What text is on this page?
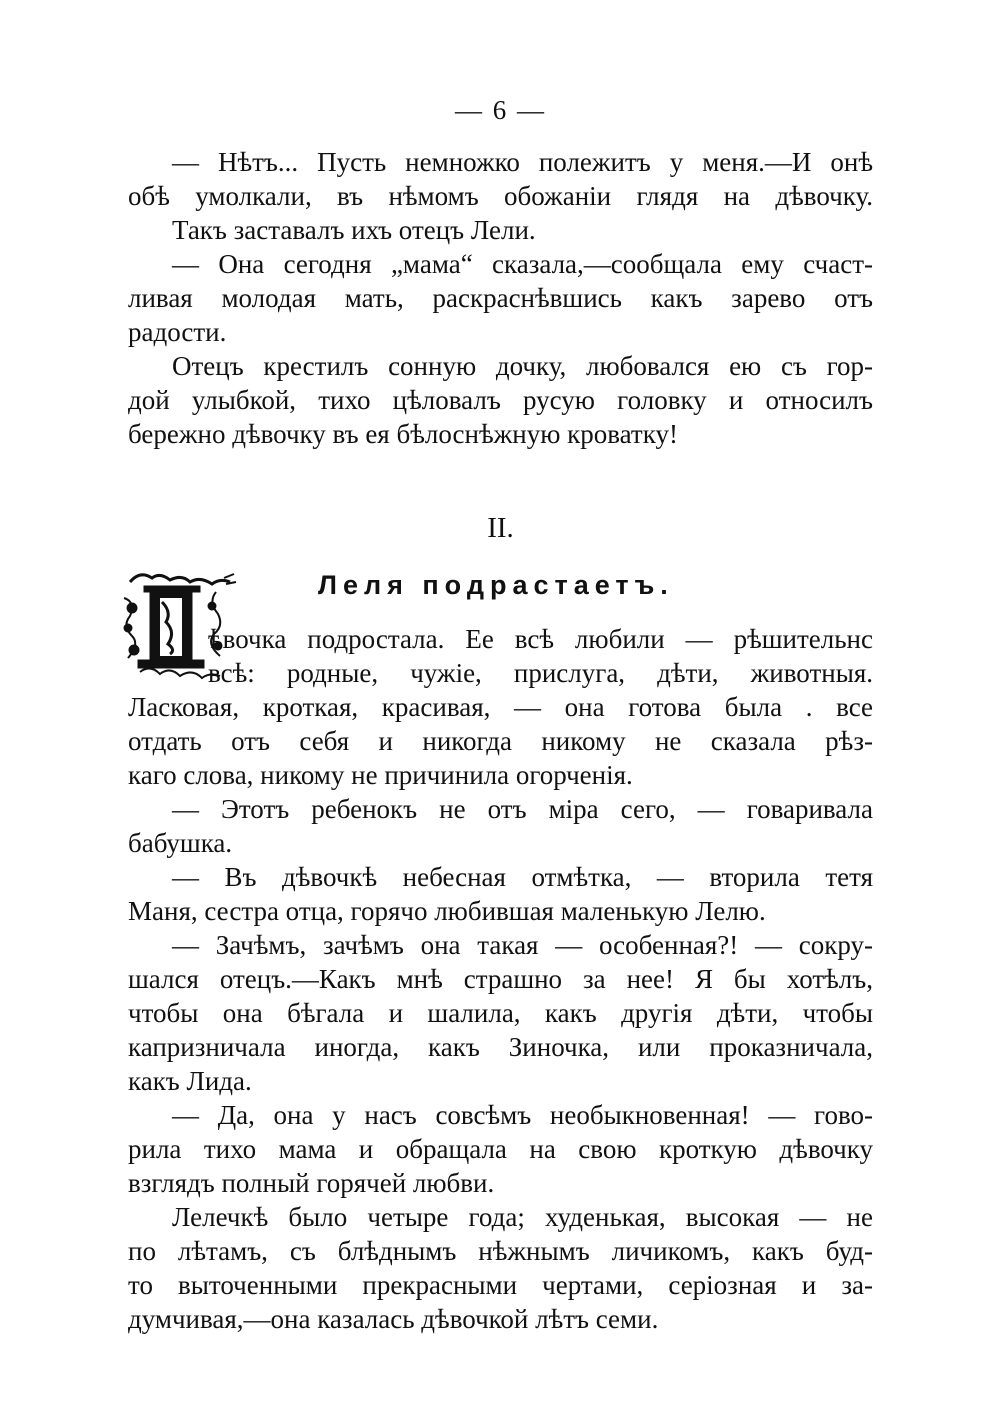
— 6 —
— Нѣтъ... Пусть немножко полежитъ у меня.—И онѣ
обѣ умолкали, въ нѣмомъ обожаніи глядя на дѣвочку.
Такъ заставалъ ихъ отецъ Лели.
— Она сегодня „мама“ сказала,—сообщала ему счаст-
ливая молодая мать, раскраснѣвшись какъ зарево отъ
радости.
Отецъ крестилъ сонную дочку, любовался ею съ гор-
дой улыбкой, тихо цѣловалъ русую головку и относилъ
бережно дѣвочку въ ея бѣлоснѣжную кроватку!
II.
Леля подрастаетъ.
ѣвочка подростала. Ее всѣ любили — рѣшительнс
всѣ: родные, чужіе, прислуга, дѣти, животныя.
Ласковая, кроткая, красивая, — она готова была . все
отдать отъ себя и никогда никому не сказала рѣз-
каго слова, никому не причинила огорченія.
— Этотъ ребенокъ не отъ міра сего, — говаривала
бабушка.
— Въ дѣвочкѣ небесная отмѣтка, — вторила тетя
Маня, сестра отца, горячо любившая маленькую Лелю.
— Зачѣмъ, зачѣмъ она такая — особенная?! — сокру-
шался отецъ.—Какъ мнѣ страшно за нее! Я бы хотѣлъ,
чтобы она бѣгала и шалила, какъ другія дѣти, чтобы
капризничала иногда, какъ Зиночка, или проказничала,
какъ Лида.
— Да, она у насъ совсѣмъ необыкновенная! — гово-
рила тихо мама и обращала на свою кроткую дѣвочку
взглядъ полный горячей любви.
Лелечкѣ было четыре года; худенькая, высокая — не
по лѣтамъ, съ блѣднымъ нѣжнымъ личикомъ, какъ буд-
то выточенными прекрасными чертами, серіозная и за-
думчивая,—она казалась дѣвочкой лѣтъ семи.
